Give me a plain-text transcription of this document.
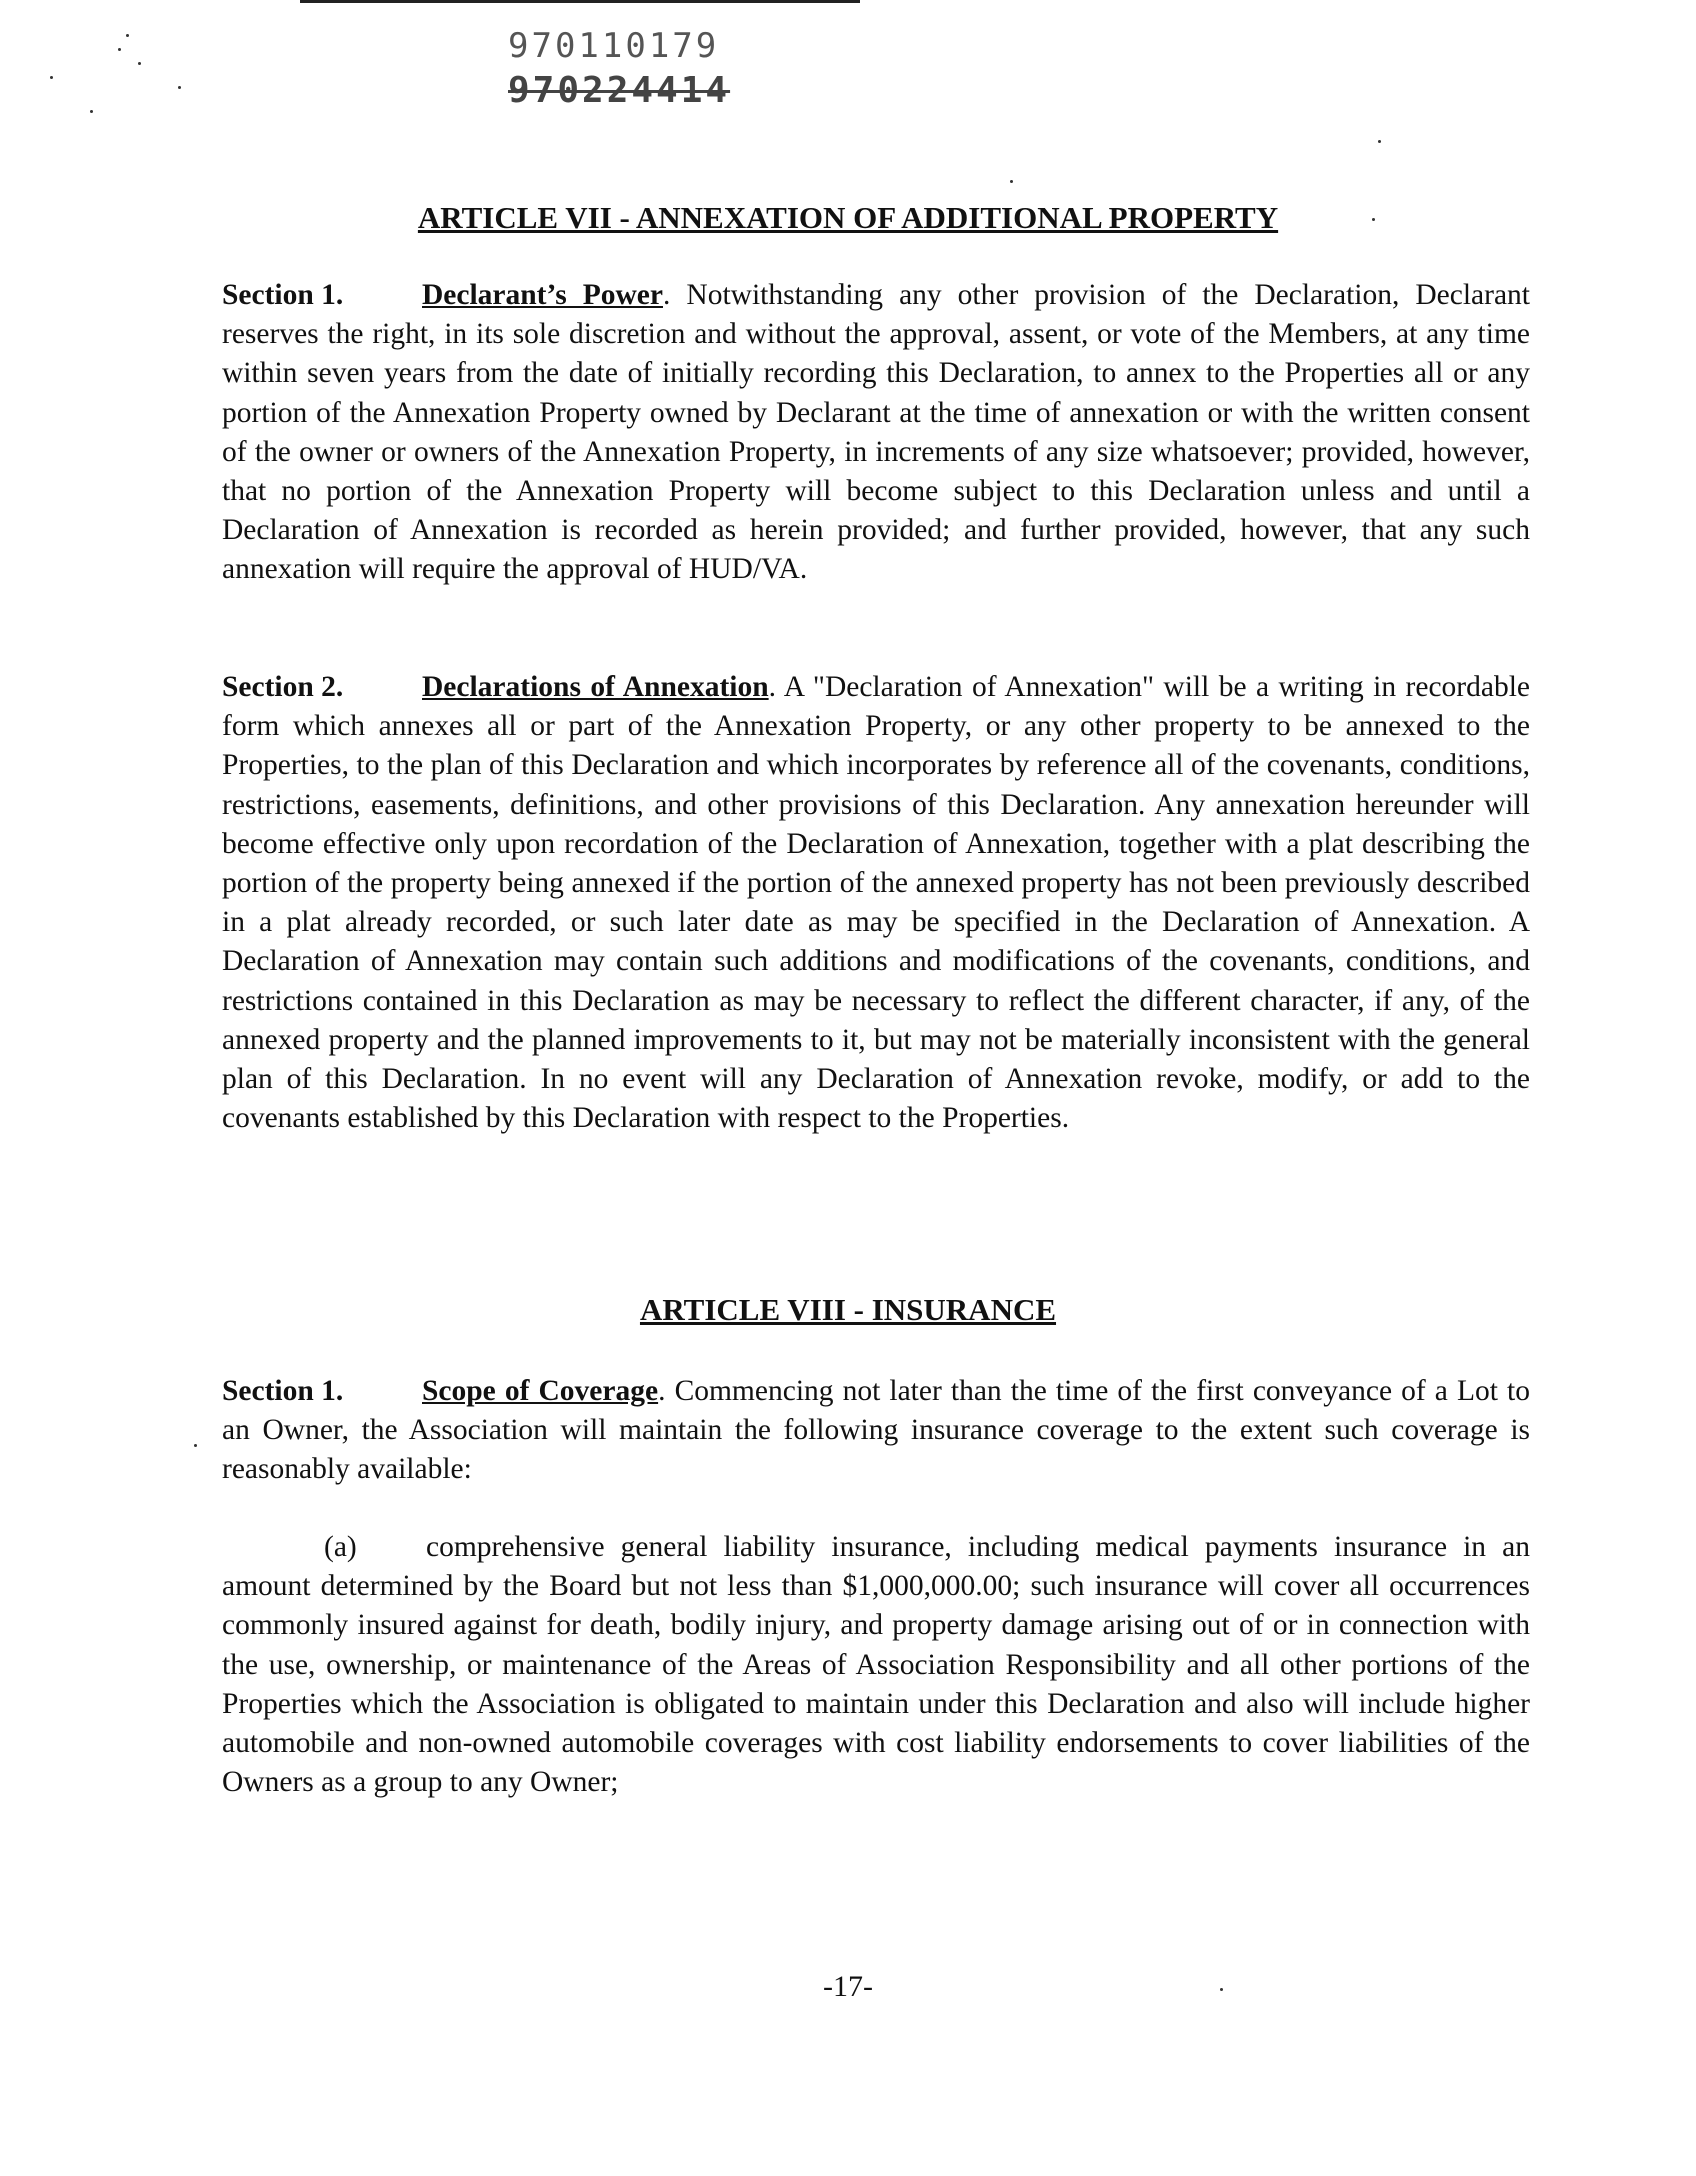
970110179
970224414
ARTICLE VII - ANNEXATION OF ADDITIONAL PROPERTY
Section 1.	Declarant’s Power. Notwithstanding any other provision of the Declaration, Declarant reserves the right, in its sole discretion and without the approval, assent, or vote of the Members, at any time within seven years from the date of initially recording this Declaration, to annex to the Properties all or any portion of the Annexation Property owned by Declarant at the time of annexation or with the written consent of the owner or owners of the Annexation Property, in increments of any size whatsoever; provided, however, that no portion of the Annexation Property will become subject to this Declaration unless and until a Declaration of Annexation is recorded as herein provided; and further provided, however, that any such annexation will require the approval of HUD/VA.
Section 2.	Declarations of Annexation. A "Declaration of Annexation" will be a writing in recordable form which annexes all or part of the Annexation Property, or any other property to be annexed to the Properties, to the plan of this Declaration and which incorporates by reference all of the covenants, conditions, restrictions, easements, definitions, and other provisions of this Declaration. Any annexation hereunder will become effective only upon recordation of the Declaration of Annexation, together with a plat describing the portion of the property being annexed if the portion of the annexed property has not been previously described in a plat already recorded, or such later date as may be specified in the Declaration of Annexation. A Declaration of Annexation may contain such additions and modifications of the covenants, conditions, and restrictions contained in this Declaration as may be necessary to reflect the different character, if any, of the annexed property and the planned improvements to it, but may not be materially inconsistent with the general plan of this Declaration. In no event will any Declaration of Annexation revoke, modify, or add to the covenants established by this Declaration with respect to the Properties.
ARTICLE VIII - INSURANCE
Section 1.	Scope of Coverage. Commencing not later than the time of the first conveyance of a Lot to an Owner, the Association will maintain the following insurance coverage to the extent such coverage is reasonably available:
(a) comprehensive general liability insurance, including medical payments insurance in an amount determined by the Board but not less than $1,000,000.00; such insurance will cover all occurrences commonly insured against for death, bodily injury, and property damage arising out of or in connection with the use, ownership, or maintenance of the Areas of Association Responsibility and all other portions of the Properties which the Association is obligated to maintain under this Declaration and also will include higher automobile and non-owned automobile coverages with cost liability endorsements to cover liabilities of the Owners as a group to any Owner;
-17-
